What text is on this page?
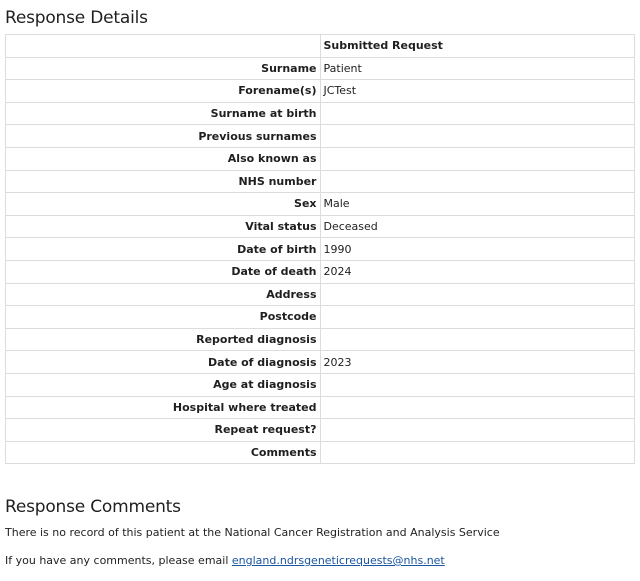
Response Details
	Submitted Request
Surname	Patient
Forename(s)	JCTest
Surname at birth	
Previous surnames	
Also known as	
NHS number	
Sex	Male
Vital status	Deceased
Date of birth	1990
Date of death	2024
Address	
Postcode	
Reported diagnosis	
Date of diagnosis	2023
Age at diagnosis	
Hospital where treated	
Repeat request?	
Comments	
Response Comments
There is no record of this patient at the National Cancer Registration and Analysis Service
If you have any comments, please email england.ndrsgeneticrequests@nhs.net
